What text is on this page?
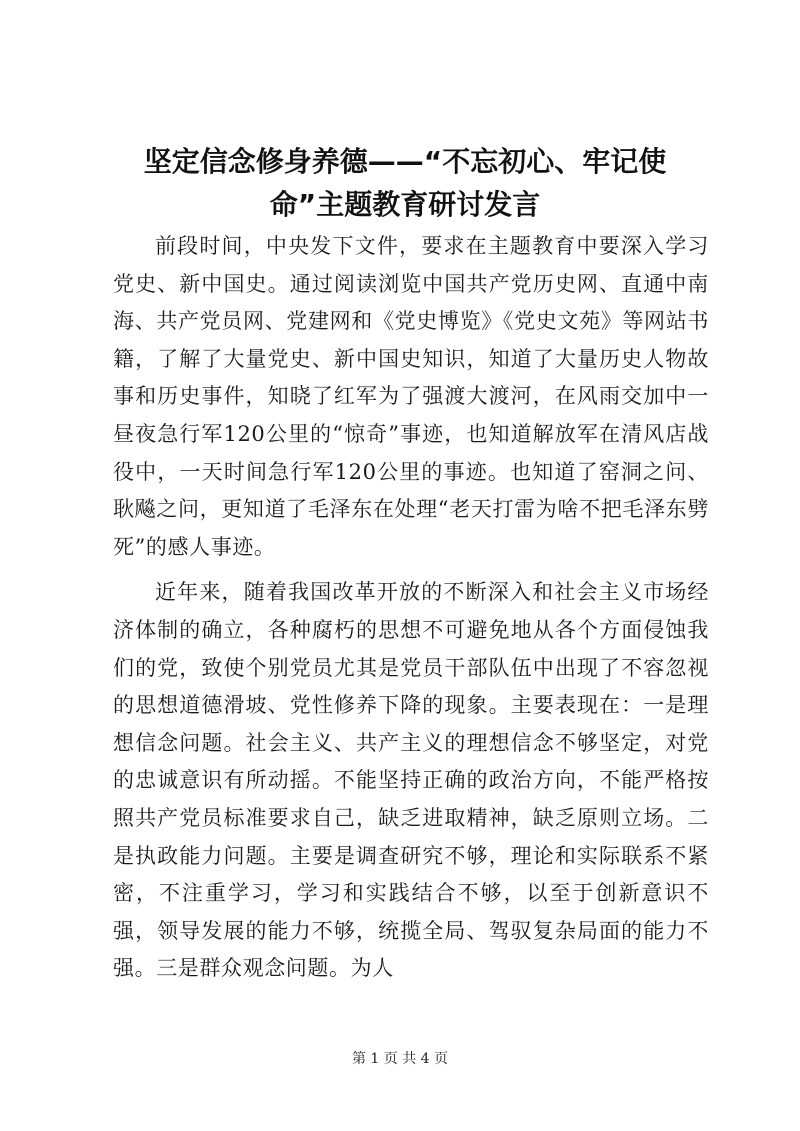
坚定信念修身养德——“不忘初心、牢记使命”主题教育研讨发言

前段时间，中央发下文件，要求在主题教育中要深入学习党史、新中国史。通过阅读浏览中国共产党历史网、直通中南海、共产党员网、党建网和《党史博览》《党史文苑》等网站书籍，了解了大量党史、新中国史知识，知道了大量历史人物故事和历史事件，知晓了红军为了强渡大渡河，在风雨交加中一昼夜急行军120公里的“惊奇”事迹，也知道解放军在清风店战役中，一天时间急行军120公里的事迹。也知道了窑洞之问、耿飚之问，更知道了毛泽东在处理“老天打雷为啥不把毛泽东劈死”的感人事迹。

近年来，随着我国改革开放的不断深入和社会主义市场经济体制的确立，各种腐朽的思想不可避免地从各个方面侵蚀我们的党，致使个别党员尤其是党员干部队伍中出现了不容忽视的思想道德滑坡、党性修养下降的现象。主要表现在：一是理想信念问题。社会主义、共产主义的理想信念不够坚定，对党的忠诚意识有所动摇。不能坚持正确的政治方向，不能严格按照共产党员标准要求自己，缺乏进取精神，缺乏原则立场。二是执政能力问题。主要是调查研究不够，理论和实际联系不紧密，不注重学习，学习和实践结合不够，以至于创新意识不强，领导发展的能力不够，统揽全局、驾驭复杂局面的能力不强。三是群众观念问题。为人

第 1 页 共 4 页
